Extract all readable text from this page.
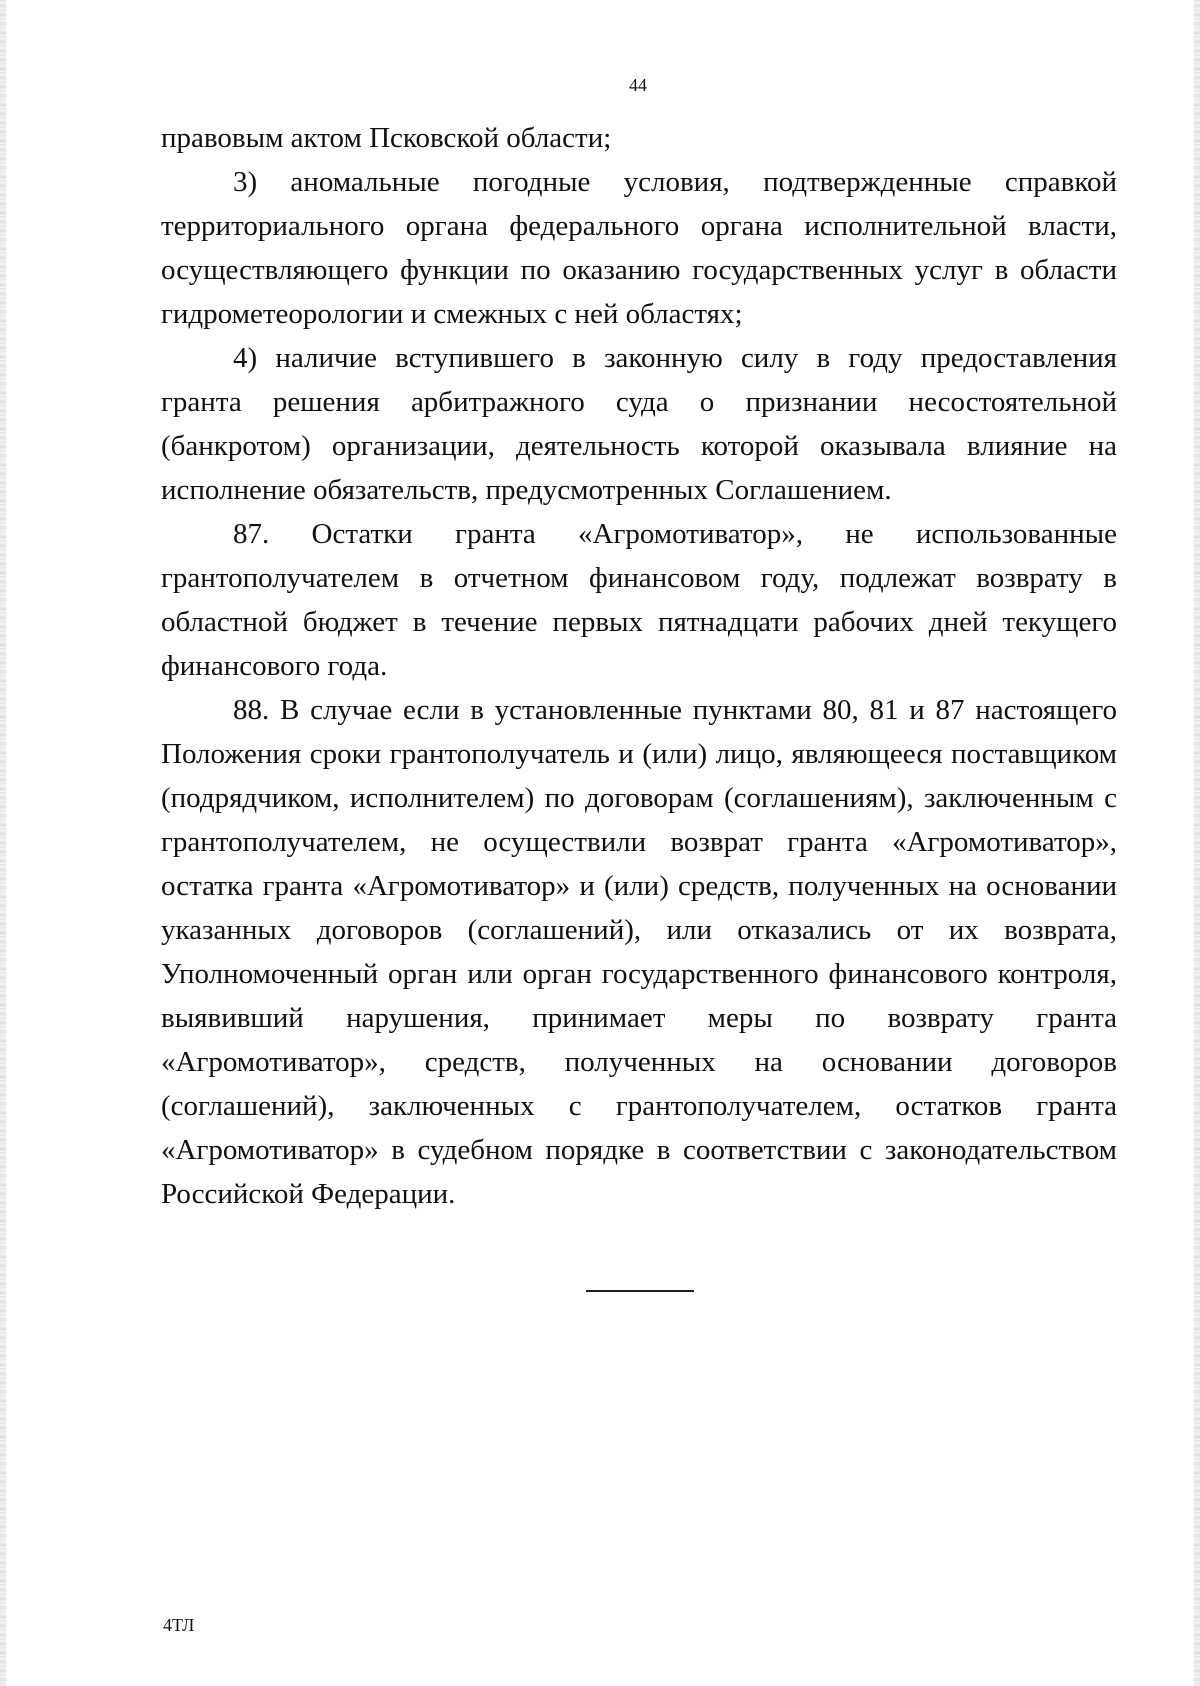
44

правовым актом Псковской области;

3) аномальные погодные условия, подтвержденные справкой территориального органа федерального органа исполнительной власти, осуществляющего функции по оказанию государственных услуг в области гидрометеорологии и смежных с ней областях;

4) наличие вступившего в законную силу в году предоставления гранта решения арбитражного суда о признании несостоятельной (банкротом) организации, деятельность которой оказывала влияние на исполнение обязательств, предусмотренных Соглашением.

87. Остатки гранта «Агромотиватор», не использованные грантополучателем в отчетном финансовом году, подлежат возврату в областной бюджет в течение первых пятнадцати рабочих дней текущего финансового года.

88. В случае если в установленные пунктами 80, 81 и 87 настоящего Положения сроки грантополучатель и (или) лицо, являющееся поставщиком (подрядчиком, исполнителем) по договорам (соглашениям), заключенным с грантополучателем, не осуществили возврат гранта «Агромотиватор», остатка гранта «Агромотиватор» и (или) средств, полученных на основании указанных договоров (соглашений), или отказались от их возврата, Уполномоченный орган или орган государственного финансового контроля, выявивший нарушения, принимает меры по возврату гранта «Агромотиватор», средств, полученных на основании договоров (соглашений), заключенных с грантополучателем, остатков гранта «Агромотиватор» в судебном порядке в соответствии с законодательством Российской Федерации.

4ТЛ
